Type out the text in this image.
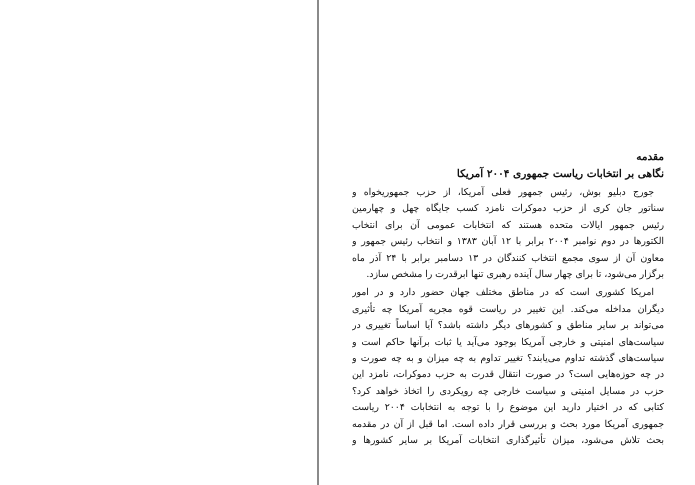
مقدمه
نگاهی بر انتخابات ریاست جمهوری ۲۰۰۴ آمریکا
جورج دبلیو بوش، رئیس جمهور فعلی آمریکا، از حزب جمهوریخواه و
سناتور جان کری از حزب دموکرات نامزد کسب جایگاه چهل و چهارمین
رئیس جمهور ایالات متحده هستند که انتخابات عمومی آن برای انتخاب
الکتورها در دوم نوامبر ۲۰۰۴ برابر با ۱۲ آبان ۱۳۸۳ و انتخاب رئیس جمهور و
معاون آن از سوی مجمع انتخاب کنندگان در ۱۳ دسامبر برابر با ۲۴ آذر ماه
برگزار می‌شود، تا برای چهار سال آینده رهبری تنها ابرقدرت را مشخص سازد.
امریکا کشوری است که در مناطق مختلف جهان حضور دارد و در امور
دیگران مداخله می‌کند. این تغییر در ریاست قوه مجریه آمریکا چه تأثیری
می‌تواند بر سایر مناطق و کشورهای دیگر داشته باشد؟ آیا اساساً تغییری در
سیاست‌های امنیتی و خارجی آمریکا بوجود می‌آید یا ثبات برآنها حاکم است و
سیاست‌های گذشته تداوم می‌یابند؟ تغییر تداوم به چه میزان و به چه صورت و
در چه حوزه‌هایی است؟ در صورت انتقال قدرت به حزب دموکرات، نامزد این
حزب در مسایل امنیتی و سیاست خارجی چه رویکردی را اتخاذ خواهد کرد؟
کتابی که در اختیار دارید این موضوع را با توجه به انتخابات ۲۰۰۴ ریاست
جمهوری آمریکا مورد بحث و بررسی قرار داده است. اما قبل از آن در مقدمه
بحث تلاش می‌شود، میزان تأثیرگذاری انتخابات آمریکا بر سایر کشورها و
